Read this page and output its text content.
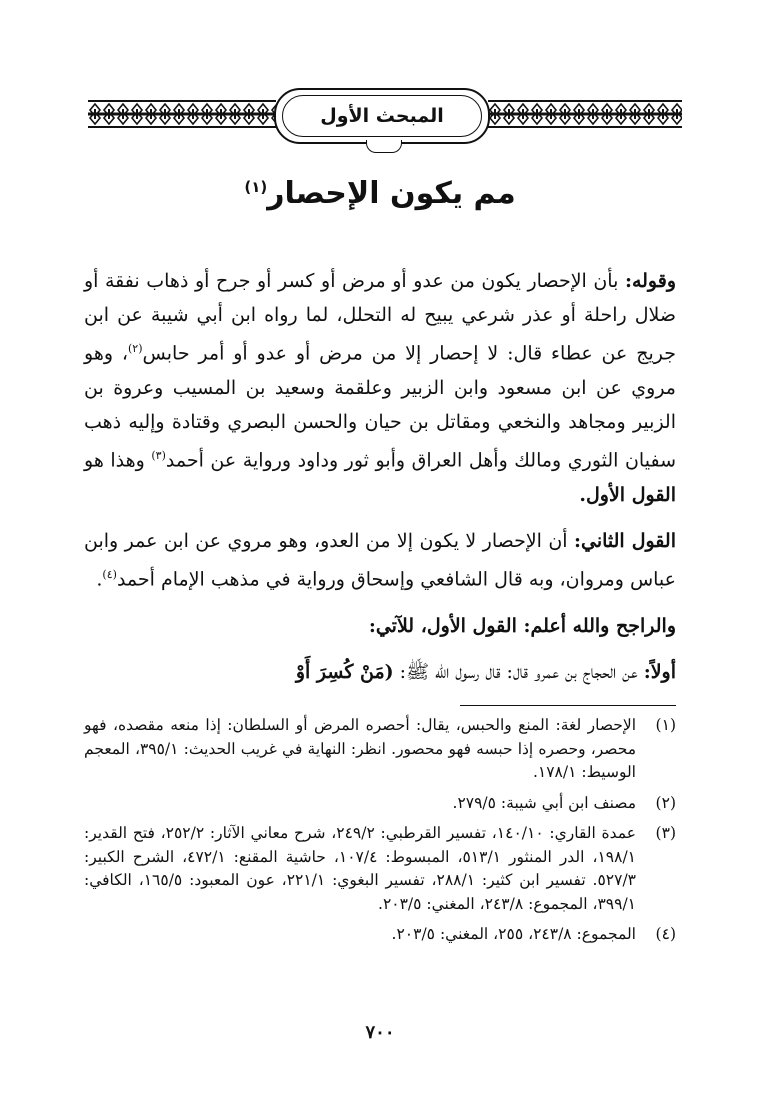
المبحث الأول
مم يكون الإحصار$^{(١)}$

وقوله: بأن الإحصار يكون من عدو أو مرض أو كسر أو جرح أو ذهاب نفقة أو ضلال راحلة أو عذر شرعي يبيح له التحلل، لما رواه ابن أبي شيبة عن ابن جريج عن عطاء قال: لا إحصار إلا من مرض أو عدو أو أمر حابس$^{(٢)}$، وهو مروي عن ابن مسعود وابن الزبير وعلقمة وسعيد بن المسيب وعروة بن الزبير ومجاهد والنخعي ومقاتل بن حيان والحسن البصري وقتادة وإليه ذهب سفيان الثوري ومالك وأهل العراق وأبو ثور وداود ورواية عن أحمد$^{(٣)}$ وهذا هو القول الأول.

القول الثاني: أن الإحصار لا يكون إلا من العدو، وهو مروي عن ابن عمر وابن عباس ومروان، وبه قال الشافعي وإسحاق ورواية في مذهب الإمام أحمد$^{(٤)}$.

والراجح والله أعلم: القول الأول، للآتي:

أولاً: عن الحجاج بن عمرو قال: قال رسول الله ﷺ: (مَنْ كُسِرَ أَوْ

(١)
الإحصار لغة: المنع والحبس، يقال: أحصره المرض أو السلطان: إذا منعه مقصده، فهو محصر، وحصره إذا حبسه فهو محصور. انظر: النهاية في غريب الحديث: ٣٩٥/١، المعجم الوسيط: ١٧٨/١.
(٢)
مصنف ابن أبي شيبة: ٢٧٩/٥.
(٣)
عمدة القاري: ١٤٠/١٠، تفسير القرطبي: ٢٤٩/٢، شرح معاني الآثار: ٢٥٢/٢، فتح القدير: ١٩٨/١، الدر المنثور ٥١٣/١، المبسوط: ١٠٧/٤، حاشية المقنع: ٤٧٢/١، الشرح الكبير: ٥٢٧/٣. تفسير ابن كثير: ٢٨٨/١، تفسير البغوي: ٢٢١/١، عون المعبود: ١٦٥/٥، الكافي: ٣٩٩/١، المجموع: ٢٤٣/٨، المغني: ٢٠٣/٥.
(٤)
المجموع: ٢٤٣/٨، ٢٥٥، المغني: ٢٠٣/٥.
٧٠٠
